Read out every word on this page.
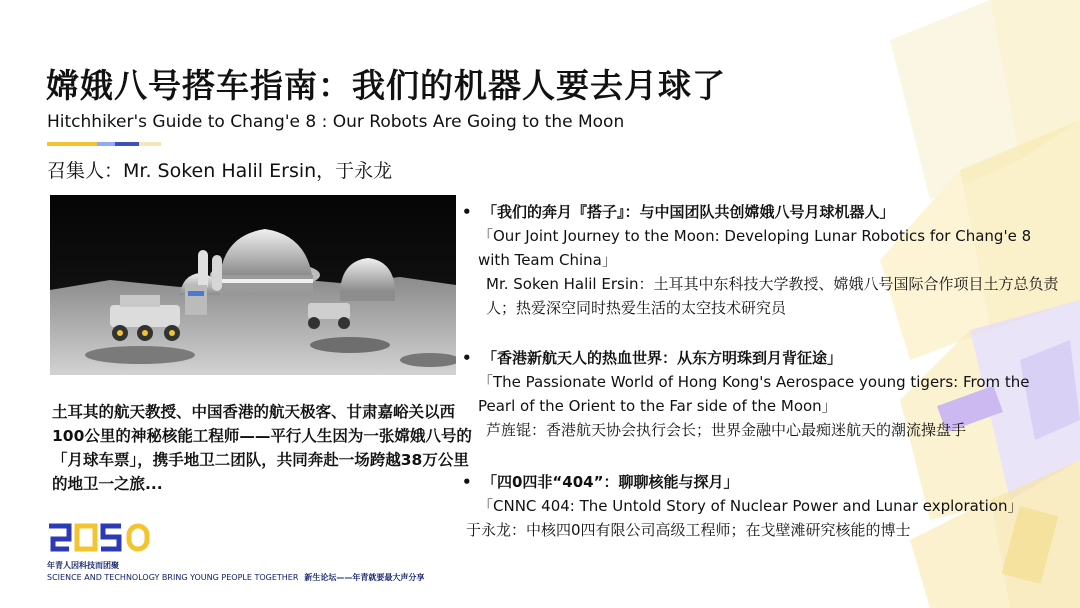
嫦娥八号搭车指南：我们的机器人要去月球了
Hitchhiker's Guide to Chang'e 8 : Our Robots Are Going to the Moon
召集人：Mr. Soken Halil Ersin，于永龙
土耳其的航天教授、中国香港的航天极客、甘肃嘉峪关以西100公里的神秘核能工程师——平行人生因为一张嫦娥八号的「月球车票」，携手地卫二团队，共同奔赴一场跨越38万公里的地卫一之旅...
• 「我们的奔月『搭子』：与中国团队共创嫦娥八号月球机器人」
「Our Joint Journey to the Moon: Developing Lunar Robotics for Chang'e 8 with Team China」
Mr. Soken Halil Ersin：土耳其中东科技大学教授、嫦娥八号国际合作项目土方总负责人；热爱深空同时热爱生活的太空技术研究员
• 「香港新航天人的热血世界：从东方明珠到月背征途」
「The Passionate World of Hong Kong's Aerospace young tigers: From the Pearl of the Orient to the Far side of the Moon」
芦旌锟：香港航天协会执行会长；世界金融中心最痴迷航天的潮流操盘手
• 「四0四非“404”：聊聊核能与探月」
「CNNC 404: The Untold Story of Nuclear Power and Lunar exploration」
于永龙：中核四0四有限公司高级工程师；在戈壁滩研究核能的博士
年青人因科技而团聚
SCIENCE AND TECHNOLOGY BRING YOUNG PEOPLE TOGETHER 新生论坛——年青就要最大声分享
